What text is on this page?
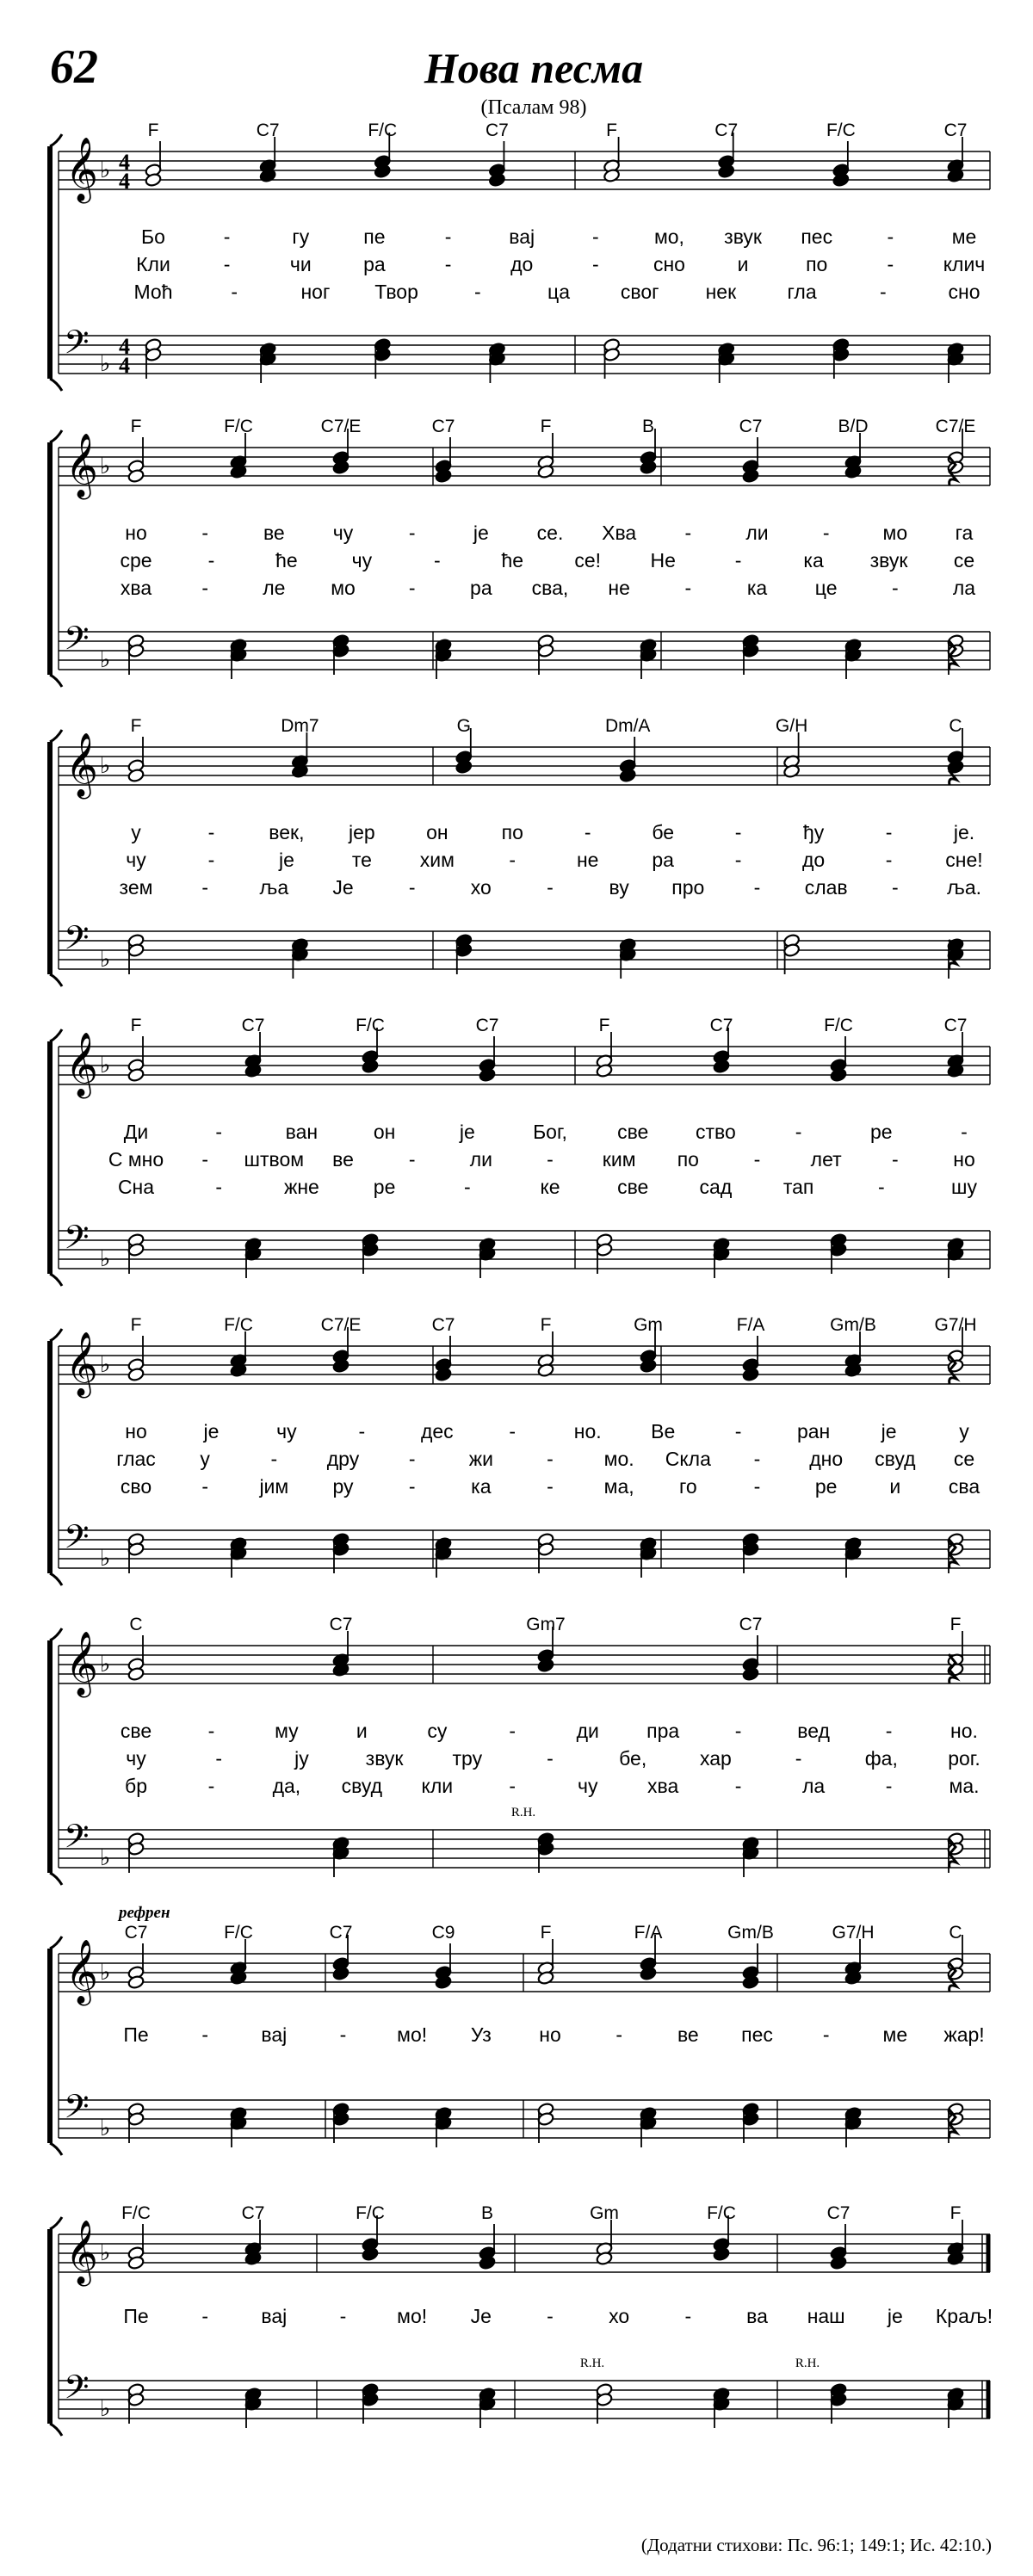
62	Нова песма
(Псалам 98)
𝄞
𝄢
♭
♭
4
4
4
4
F	C7	F/C	C7	F	C7	F/C	C7
Бо	-	гу	пе	-	вај	-	мо, звук пес	-	ме
Кли	-	чи	ра	-	до	-	сно	и	по	-	клич
Моћ	-	ног Твор	-	ца	свог нек	гла	-	сно
𝄞
𝄢
♭
♭
F	F/C	C7/E	C7	F	B	C7	B/D	C7/E
но	-	ве чу	-	је се. Хва -	ли	-	мо га
сре	-	ће	чу	-	ће	се! Не	-	ка звук се
хва	-	ле мо	-	ра сва, не	-	ка це	-	ла
𝄞
𝄢
♭
♭
F	Dm7	G	Dm/A	G/H	C
у	-	век, јер	он	по	-	бе	-	ђу	-	је.
чу	-	је	те хим	-	не	ра	-	до	-	сне!
зем -	ља Је	-	хо	-	ву про - слав - ља.
𝄞
𝄢
♭
♭
F	C7	F/C	C7	F	C7	F/C	C7
Ди	-	ван	он	је	Бог,	све ство	-	ре	-
С мно - штвом ве	-	ли	- ким по	-	лет	-	но
Сна	-	жне	ре	-	ке	све	сад	тап	-	шу
𝄞
𝄢
♭
♭
F	F/C	C7/E	C7	F	Gm	F/A	Gm/B	G7/H
но	је	чу	-	дес	-	но. Ве	-	ран	је	у
глас у	-	дру	-	жи	-	мо. Скла - дно свуд се
сво	-	јим ру	-	ка	-	ма, го	-	ре	и сва
𝄞
𝄢
♭
♭
C	C7	Gm7	C7	F
све	-	му	и	су	-	ди пра	-	вед	-	но.
чу	-	ју	звук тру	-	бе,	хар	-	фа,	рог.
бр	-	да, свуд кли	-	чу	хва	-	ла	-	ма.
R.H.
𝄞
𝄢
♭
♭
C7	F/C	C7	C9	F	F/A	Gm/B	G7/H	C
Пе	-	вај	-	мо! Уз но	-	ве пес	-	ме жар!
рефрен
𝄞
𝄢
♭
♭
F/C	C7	F/C	B	Gm	F/C	C7	F
Пе	-	вај	-	мо! Је	-	хо	-	ва наш је Краљ!
R.H.	R.H.
(Додатни стихови: Пс. 96:1; 149:1; Ис. 42:10.)
